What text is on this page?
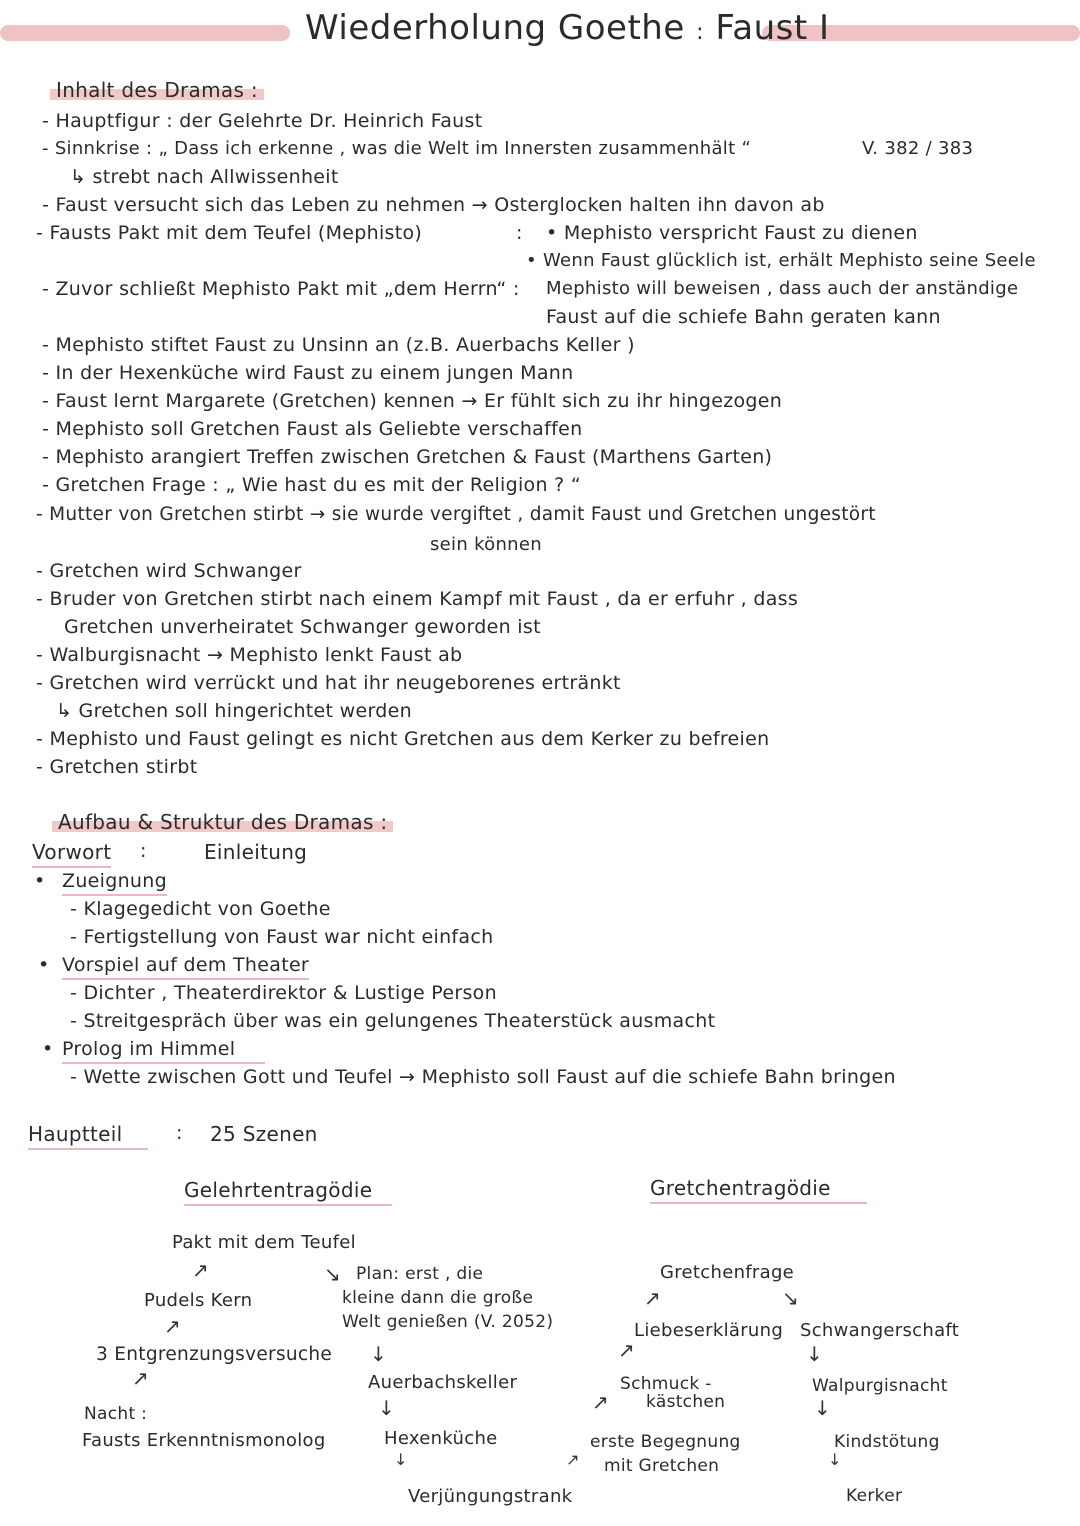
Wiederholung Goethe : Faust I
Inhalt des Dramas :
- Hauptfigur : der Gelehrte Dr. Heinrich Faust
- Sinnkrise : „ Dass ich erkenne , was die Welt im Innersten zusammenhält “	V. 382 / 383
↳ strebt nach Allwissenheit
- Faust versucht sich das Leben zu nehmen → Osterglocken halten ihn davon ab
- Fausts Pakt mit dem Teufel (Mephisto)	: • Mephisto verspricht Faust zu dienen
• Wenn Faust glücklich ist, erhält Mephisto seine Seele
- Zuvor schließt Mephisto Pakt mit „dem Herrn“ : Mephisto will beweisen , dass auch der anständige
Faust auf die schiefe Bahn geraten kann
- Mephisto stiftet Faust zu Unsinn an (z.B. Auerbachs Keller )
- In der Hexenküche wird Faust zu einem jungen Mann
- Faust lernt Margarete (Gretchen) kennen → Er fühlt sich zu ihr hingezogen
- Mephisto soll Gretchen Faust als Geliebte verschaffen
- Mephisto arangiert Treffen zwischen Gretchen & Faust (Marthens Garten)
- Gretchen Frage : „ Wie hast du es mit der Religion ? “
- Mutter von Gretchen stirbt → sie wurde vergiftet , damit Faust und Gretchen ungestört
sein können
- Gretchen wird Schwanger
- Bruder von Gretchen stirbt nach einem Kampf mit Faust , da er erfuhr , dass
Gretchen unverheiratet Schwanger geworden ist
- Walburgisnacht → Mephisto lenkt Faust ab
- Gretchen wird verrückt und hat ihr neugeborenes ertränkt
↳ Gretchen soll hingerichtet werden
- Mephisto und Faust gelingt es nicht Gretchen aus dem Kerker zu befreien
- Gretchen stirbt
Aufbau & Struktur des Dramas :
Vorwort :	Einleitung
• Zueignung
- Klagegedicht von Goethe
- Fertigstellung von Faust war nicht einfach
• Vorspiel auf dem Theater
- Dichter , Theaterdirektor & Lustige Person
- Streitgespräch über was ein gelungenes Theaterstück ausmacht
• Prolog im Himmel
- Wette zwischen Gott und Teufel → Mephisto soll Faust auf die schiefe Bahn bringen
Hauptteil	: 25 Szenen
Gelehrtentragödie
Pakt mit dem Teufel
↗
Pudels Kern
↗
3 Entgrenzungsversuche
↗
Nacht :
Fausts Erkenntnismonolog
↘ Plan: erst , die
kleine dann die große
Welt genießen (V. 2052)
↓
Auerbachskeller
↓
Hexenküche
↓
Verjüngungstrank
Gretchentragödie
Gretchenfrage
↗	↘
Liebeserklärung Schwangerschaft
↗	↓
Schmuck -
kästchen
Walpurgisnacht
↗	↓
erste Begegnung
mit Gretchen
Kindstötung
↗	↓
Kerker
